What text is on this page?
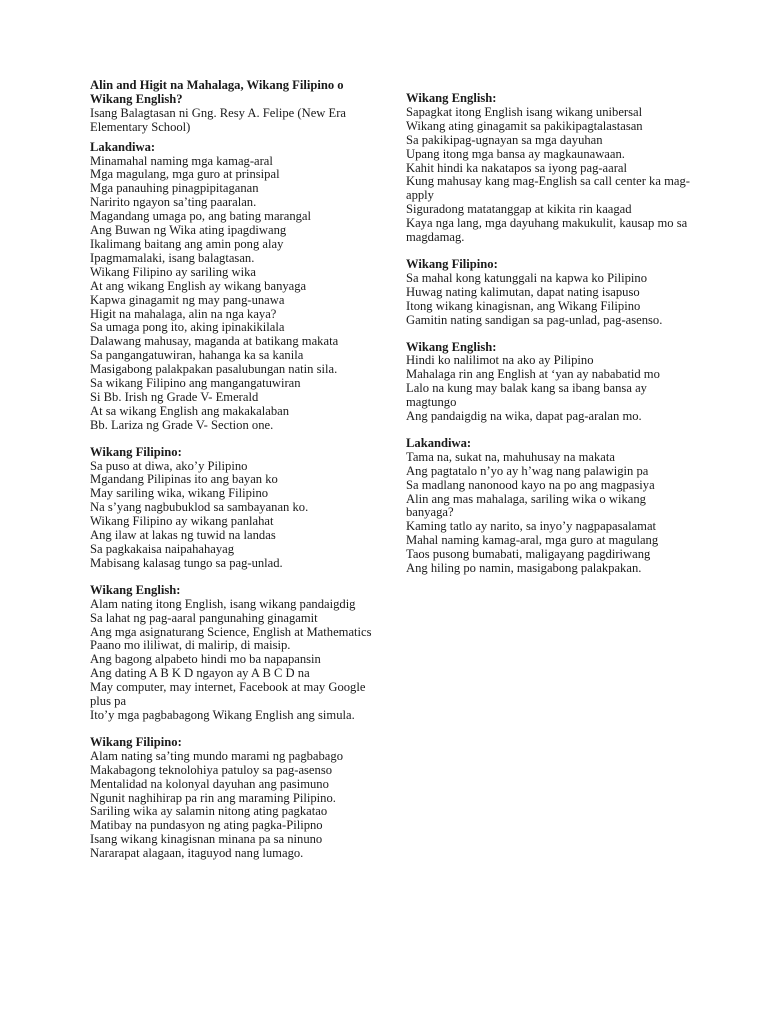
Alin and Higit na Mahalaga, Wikang Filipino o Wikang English?
Isang Balagtasan ni Gng. Resy A. Felipe (New Era Elementary School)
Lakandiwa:
Minamahal naming mga kamag-aral
Mga magulang, mga guro at prinsipal
Mga panauhing pinagpipitaganan
Naririto ngayon sa’ting paaralan.
Magandang umaga po, ang bating marangal
Ang Buwan ng Wika ating ipagdiwang
Ikalimang baitang ang amin pong alay
Ipagmamalaki, isang balagtasan.
Wikang Filipino ay sariling wika
At ang wikang English ay wikang banyaga
Kapwa ginagamit ng may pang-unawa
Higit na mahalaga, alin na nga kaya?
Sa umaga pong ito, aking ipinakikilala
Dalawang mahusay, maganda at batikang makata
Sa pangangatuwiran, hahanga ka sa kanila
Masigabong palakpakan pasalubungan natin sila.
Sa wikang Filipino ang mangangatuwiran
Si Bb. Irish ng Grade V- Emerald
At sa wikang English ang makakalaban
Bb. Lariza ng Grade V- Section one.
Wikang Filipino:
Sa puso at diwa, ako’y Pilipino
Mgandang Pilipinas ito ang bayan ko
May sariling wika, wikang Filipino
Na s’yang nagbubuklod sa sambayanan ko.
Wikang Filipino ay wikang panlahat
Ang ilaw at lakas ng tuwid na landas
Sa pagkakaisa naipahahayag
Mabisang kalasag tungo sa pag-unlad.
Wikang English:
Alam nating itong English, isang wikang pandaigdig
Sa lahat ng pag-aaral pangunahing ginagamit
Ang mga asignaturang Science, English at Mathematics
Paano mo ililiwat, di malirip, di maisip.
Ang bagong alpabeto hindi mo ba napapansin
Ang dating A B K D ngayon ay A B C D na
May computer, may internet, Facebook at may Google plus pa
Ito’y mga pagbabagong Wikang English ang simula.
Wikang Filipino:
Alam nating sa’ting mundo marami ng pagbabago
Makabagong teknolohiya patuloy sa pag-asenso
Mentalidad na kolonyal dayuhan ang pasimuno
Ngunit naghihirap pa rin ang maraming Pilipino.
Sariling wika ay salamin nitong ating pagkatao
Matibay na pundasyon ng ating pagka-Pilipno
Isang wikang kinagisnan minana pa sa ninuno
Nararapat alagaan, itaguyod nang lumago.
Wikang English:
Sapagkat itong English isang wikang unibersal
Wikang ating ginagamit sa pakikipagtalastasan
Sa pakikipag-ugnayan sa mga dayuhan
Upang itong mga bansa ay magkaunawaan.
Kahit hindi ka nakatapos sa iyong pag-aaral
Kung mahusay kang mag-English sa call center ka mag-apply
Siguradong matatanggap at kikita rin kaagad
Kaya nga lang, mga dayuhang makukulit, kausap mo sa magdamag.
Wikang Filipino:
Sa mahal kong katunggali na kapwa ko Pilipino
Huwag nating kalimutan, dapat nating isapuso
Itong wikang kinagisnan, ang Wikang Filipino
Gamitin nating sandigan sa pag-unlad, pag-asenso.
Wikang English:
Hindi ko nalilimot na ako ay Pilipino
Mahalaga rin ang English at ‘yan ay nababatid mo
Lalo na kung may balak kang sa ibang bansa ay magtungo
Ang pandaigdig na wika, dapat pag-aralan mo.
Lakandiwa:
Tama na, sukat na, mahuhusay na makata
Ang pagtatalo n’yo ay h’wag nang palawigin pa
Sa madlang nanonood kayo na po ang magpasiya
Alin ang mas mahalaga, sariling wika o wikang banyaga?
Kaming tatlo ay narito, sa inyo’y nagpapasalamat
Mahal naming kamag-aral, mga guro at magulang
Taos pusong bumabati, maligayang pagdiriwang
Ang hiling po namin, masigabong palakpakan.
